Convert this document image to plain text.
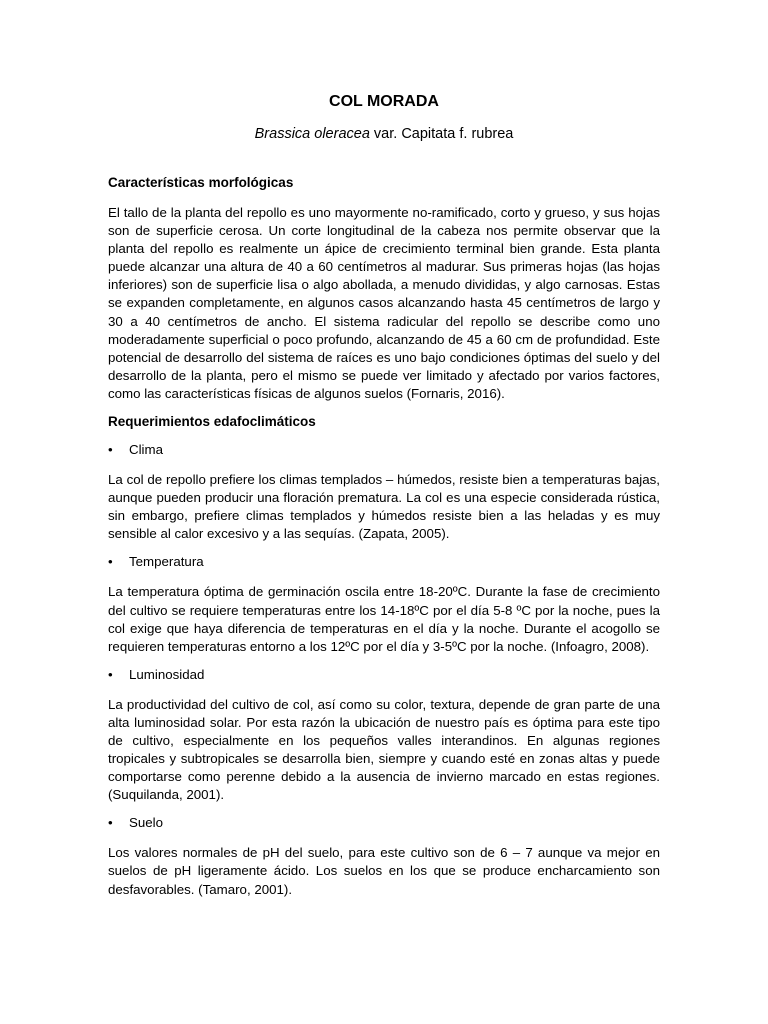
COL MORADA

Brassica oleracea var. Capitata f. rubrea

Características morfológicas

El tallo de la planta del repollo es uno mayormente no-ramificado, corto y grueso, y sus hojas son de superficie cerosa. Un corte longitudinal de la cabeza nos permite observar que la planta del repollo es realmente un ápice de crecimiento terminal bien grande. Esta planta puede alcanzar una altura de 40 a 60 centímetros al madurar. Sus primeras hojas (las hojas inferiores) son de superficie lisa o algo abollada, a menudo divididas, y algo carnosas. Estas se expanden completamente, en algunos casos alcanzando hasta 45 centímetros de largo y 30 a 40 centímetros de ancho. El sistema radicular del repollo se describe como uno moderadamente superficial o poco profundo, alcanzando de 45 a 60 cm de profundidad. Este potencial de desarrollo del sistema de raíces es uno bajo condiciones óptimas del suelo y del desarrollo de la planta, pero el mismo se puede ver limitado y afectado por varios factores, como las características físicas de algunos suelos (Fornaris, 2016).

Requerimientos edafoclimáticos
•	Clima

La col de repollo prefiere los climas templados – húmedos, resiste bien a temperaturas bajas, aunque pueden producir una floración prematura. La col es una especie considerada rústica, sin embargo, prefiere climas templados y húmedos resiste bien a las heladas y es muy sensible al calor excesivo y a las sequías. (Zapata, 2005).

•	Temperatura

La temperatura óptima de germinación oscila entre 18-20ºC. Durante la fase de crecimiento del cultivo se requiere temperaturas entre los 14-18ºC por el día 5-8 ºC por la noche, pues la col exige que haya diferencia de temperaturas en el día y la noche. Durante el acogollo se requieren temperaturas entorno a los 12ºC por el día y 3-5ºC por la noche. (Infoagro, 2008).

•	Luminosidad

La productividad del cultivo de col, así como su color, textura, depende de gran parte de una alta luminosidad solar. Por esta razón la ubicación de nuestro país es óptima para este tipo de cultivo, especialmente en los pequeños valles interandinos. En algunas regiones tropicales y subtropicales se desarrolla bien, siempre y cuando esté en zonas altas y puede comportarse como perenne debido a la ausencia de invierno marcado en estas regiones. (Suquilanda, 2001).

•	Suelo

Los valores normales de pH del suelo, para este cultivo son de 6 – 7 aunque va mejor en suelos de pH ligeramente ácido. Los suelos en los que se produce encharcamiento son desfavorables. (Tamaro, 2001).
